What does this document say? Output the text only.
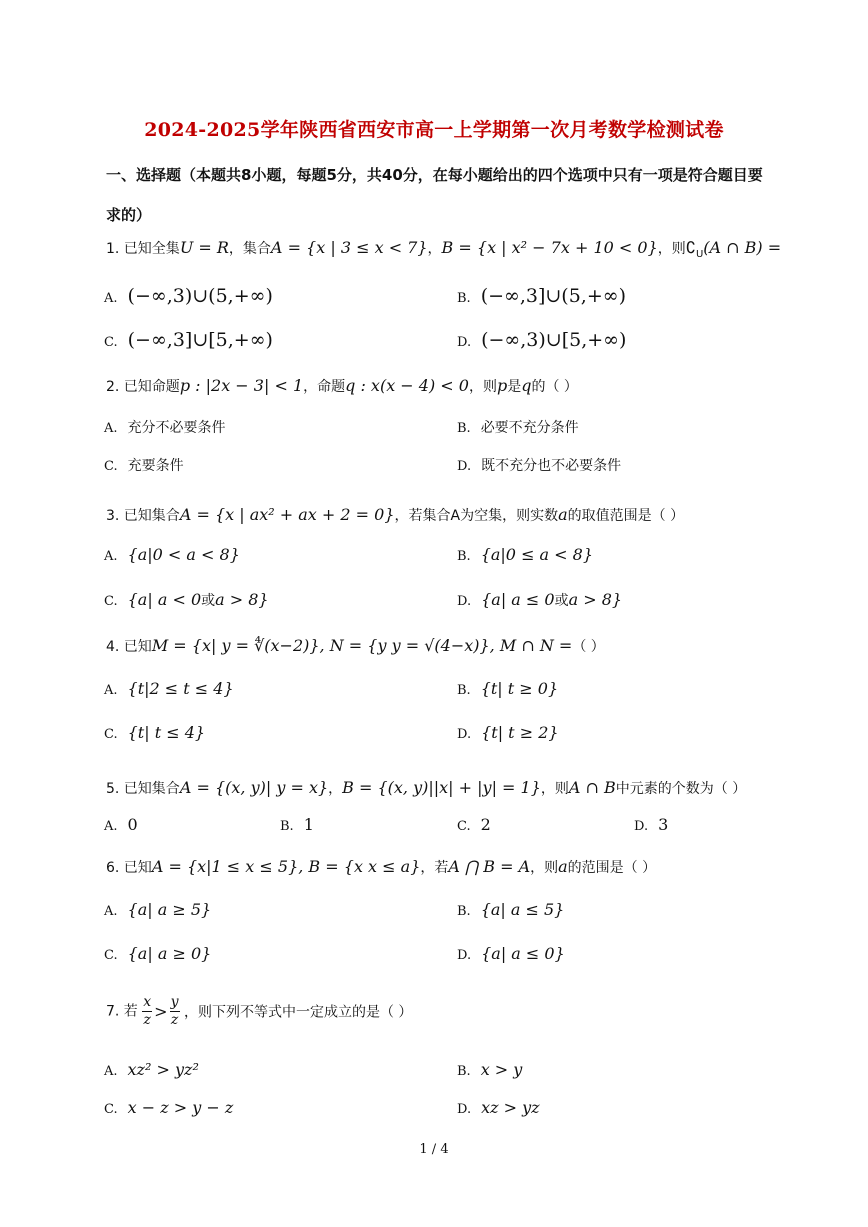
2024-2025学年陕西省西安市高一上学期第一次月考数学检测试卷
一、选择题（本题共8小题，每题5分，共40分，在每小题给出的四个选项中只有一项是符合题目要求的）
1. 已知全集U = R，集合A = {x | 3 ≤ x < 7}，B = {x | x² − 7x + 10 < 0}，则$∁_U(A$ ∩ B) =
A. (−∞,3)∪(5,+∞)	B. (−∞,3]∪(5,+∞)
C. (−∞,3]∪[5,+∞)	D. (−∞,3)∪[5,+∞)
2. 已知命题p : |2x − 3| < 1，命题q : x(x − 4) < 0，则p是q的（ ）
A. 充分不必要条件	B. 必要不充分条件
C. 充要条件	D. 既不充分也不必要条件
3. 已知集合A = {x | ax² + ax + 2 = 0}，若集合A为空集，则实数a的取值范围是（ ）
A. {a|0 < a < 8}	B. {a|0 ≤ a < 8}
C. {a| a < 0或a > 8}	D. {a| a ≤ 0或a > 8}
4. 已知M = {x| y = ∜(x−2)}, N = {y y = √(4−x)}, M ∩ N =（ ）
A. {t|2 ≤ t ≤ 4}	B. {t| t ≥ 0}
C. {t| t ≤ 4}	D. {t| t ≥ 2}
5. 已知集合A = {(x, y)| y = x}，B = {(x, y)||x| + |y| = 1}，则A ∩ B中元素的个数为（ ）
A. 0	B. 1	C. 2	D. 3
6. 已知A = {x|1 ≤ x ≤ 5}, B = {x x ≤ a}，若A ⋂ B = A，则a的范围是（ ）
A. {a| a ≥ 5}	B. {a| a ≤ 5}
C. {a| a ≥ 0}	D. {a| a ≤ 0}
7. 若 $\frac{x}{z} > \frac{y}{z}$ ，则下列不等式中一定成立的是（ ）
A. xz² > yz²	B. x > y
C. x − z > y − z	D. xz > yz
1 / 4
